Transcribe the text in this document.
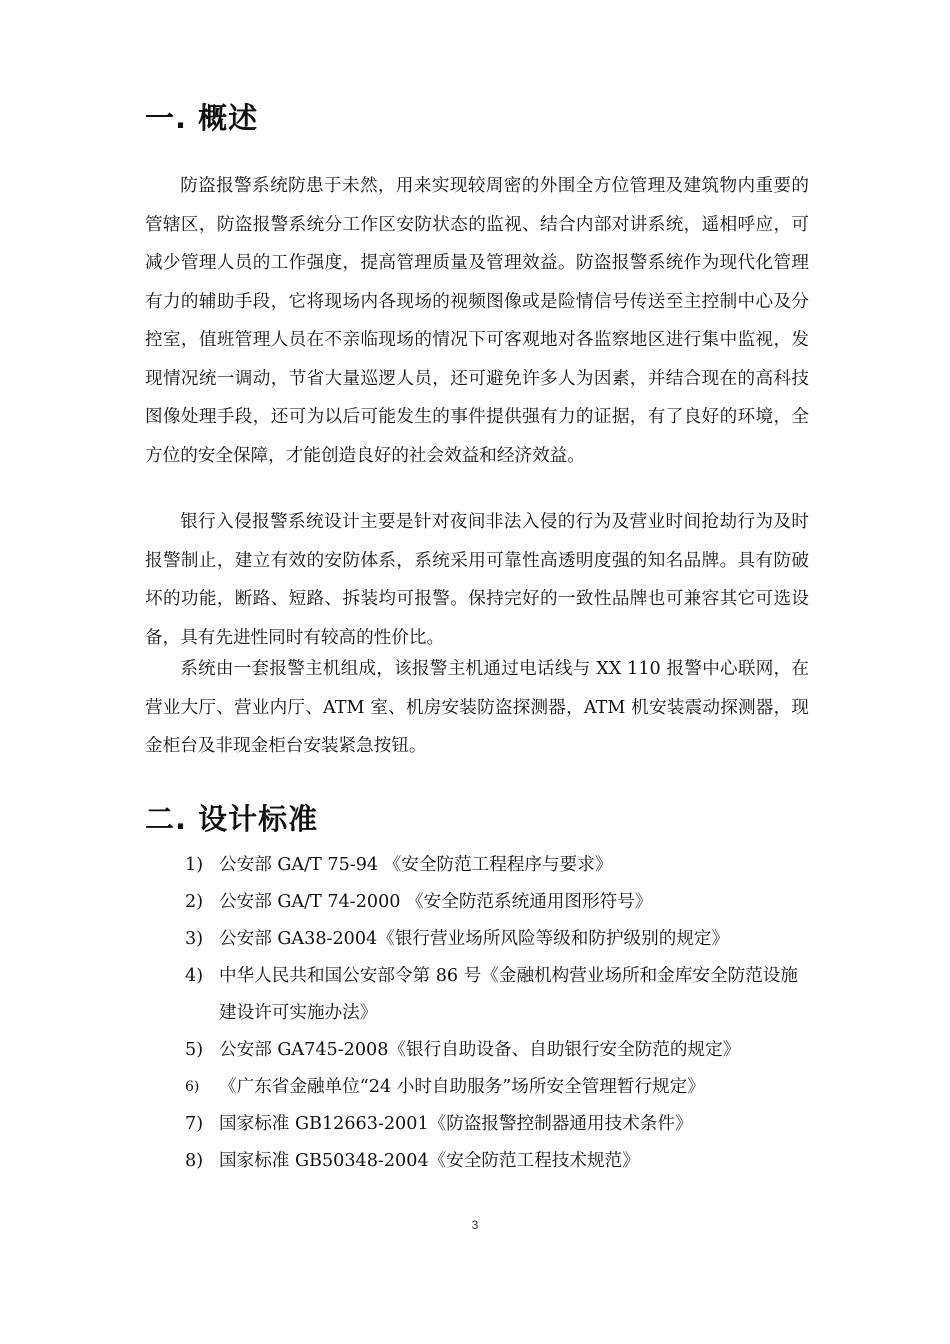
一. 概述

防盗报警系统防患于未然，用来实现较周密的外围全方位管理及建筑物内重要的管辖区，防盗报警系统分工作区安防状态的监视、结合内部对讲系统，遥相呼应，可减少管理人员的工作强度，提高管理质量及管理效益。防盗报警系统作为现代化管理有力的辅助手段，它将现场内各现场的视频图像或是险情信号传送至主控制中心及分控室，值班管理人员在不亲临现场的情况下可客观地对各监察地区进行集中监视，发现情况统一调动，节省大量巡逻人员，还可避免许多人为因素，并结合现在的高科技图像处理手段，还可为以后可能发生的事件提供强有力的证据，有了良好的环境，全方位的安全保障，才能创造良好的社会效益和经济效益。

银行入侵报警系统设计主要是针对夜间非法入侵的行为及营业时间抢劫行为及时报警制止，建立有效的安防体系，系统采用可靠性高透明度强的知名品牌。具有防破坏的功能，断路、短路、拆装均可报警。保持完好的一致性品牌也可兼容其它可选设备，具有先进性同时有较高的性价比。

系统由一套报警主机组成，该报警主机通过电话线与 XX 110 报警中心联网，在营业大厅、营业内厅、ATM 室、机房安装防盗探测器，ATM 机安装震动探测器，现金柜台及非现金柜台安装紧急按钮。

二. 设计标准
1) 公安部 GA/T 75-94 《安全防范工程程序与要求》
2) 公安部 GA/T 74-2000 《安全防范系统通用图形符号》
3) 公安部 GA38-2004《银行营业场所风险等级和防护级别的规定》
4) 中华人民共和国公安部令第 86 号《金融机构营业场所和金库安全防范设施建设许可实施办法》
5) 公安部 GA745-2008《银行自助设备、自助银行安全防范的规定》
6)	《广东省金融单位“24 小时自助服务”场所安全管理暂行规定》
7) 国家标准 GB12663-2001《防盗报警控制器通用技术条件》
8) 国家标准 GB50348-2004《安全防范工程技术规范》
3
